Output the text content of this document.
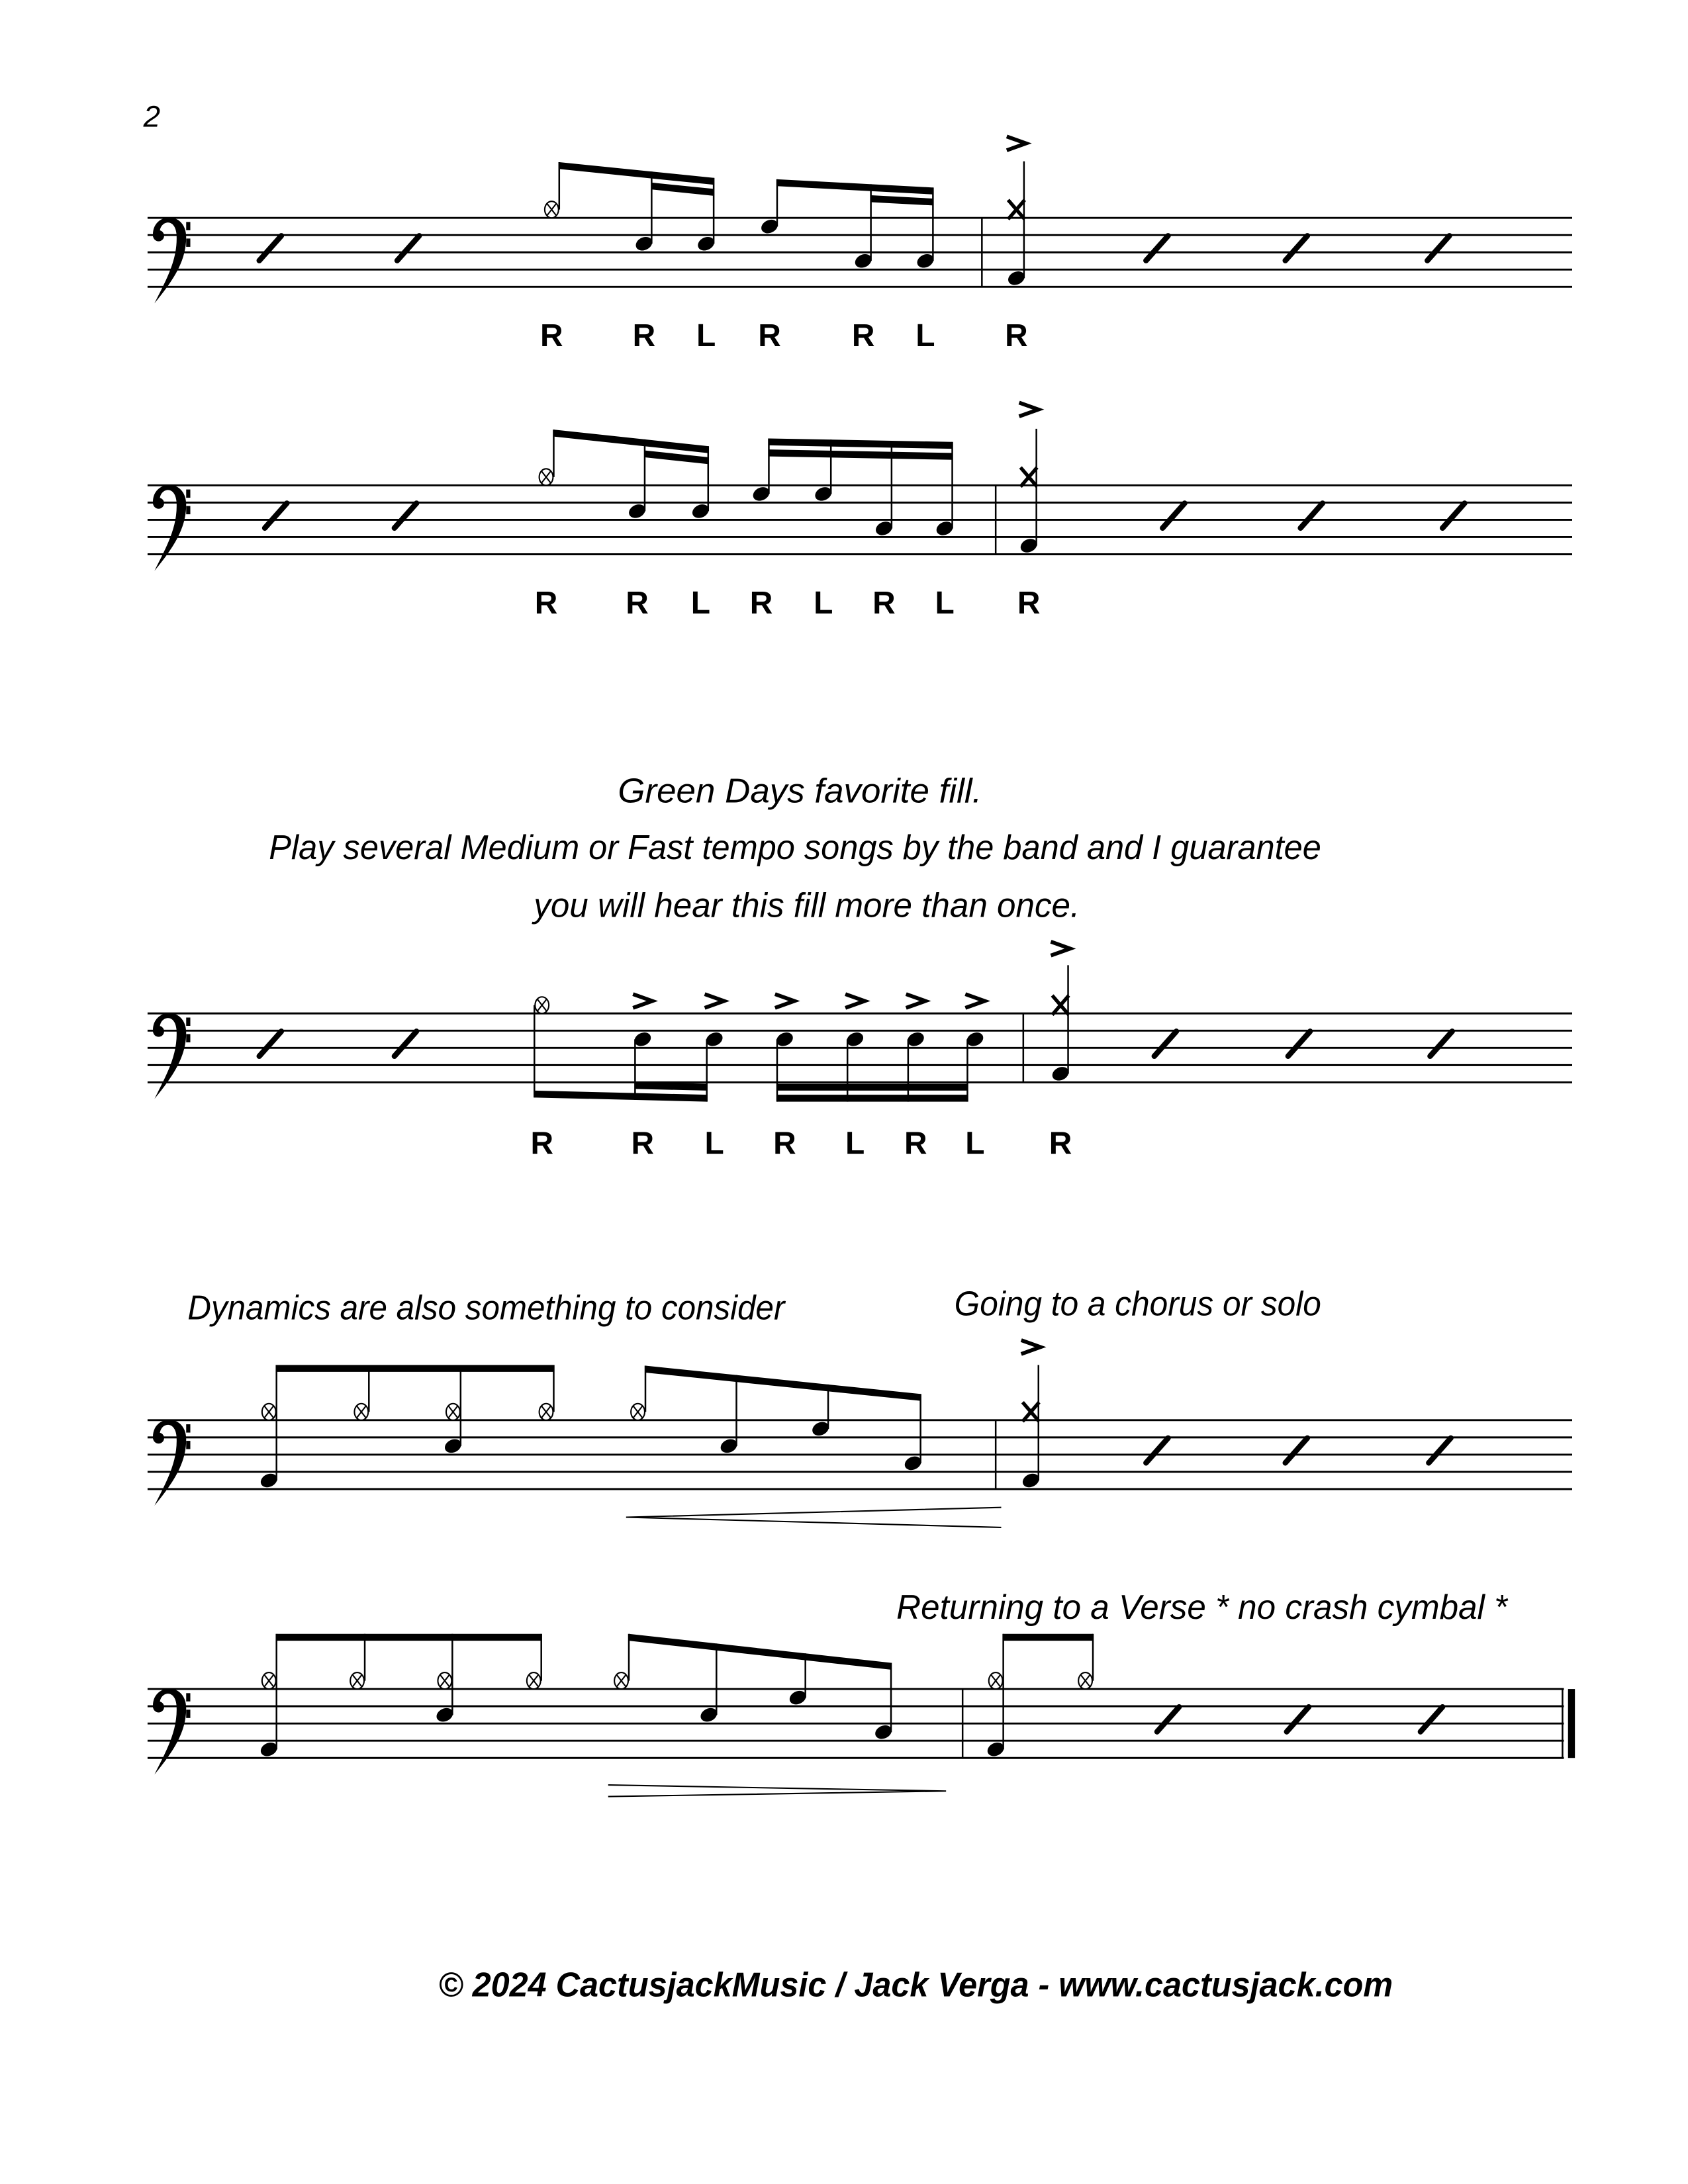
2
R	R	L	R	R	L	R
R	R	L	R	L	R	L	R
R	R	L	R	L	R	L	R
Green Days favorite fill.
Play several Medium or Fast tempo songs by the band and I guarantee
you will hear this fill more than once.
Dynamics are also something to consider	Going to a chorus or solo
Returning to a Verse * no crash cymbal *
© 2024 CactusjackMusic / Jack Verga - www.cactusjack.com
